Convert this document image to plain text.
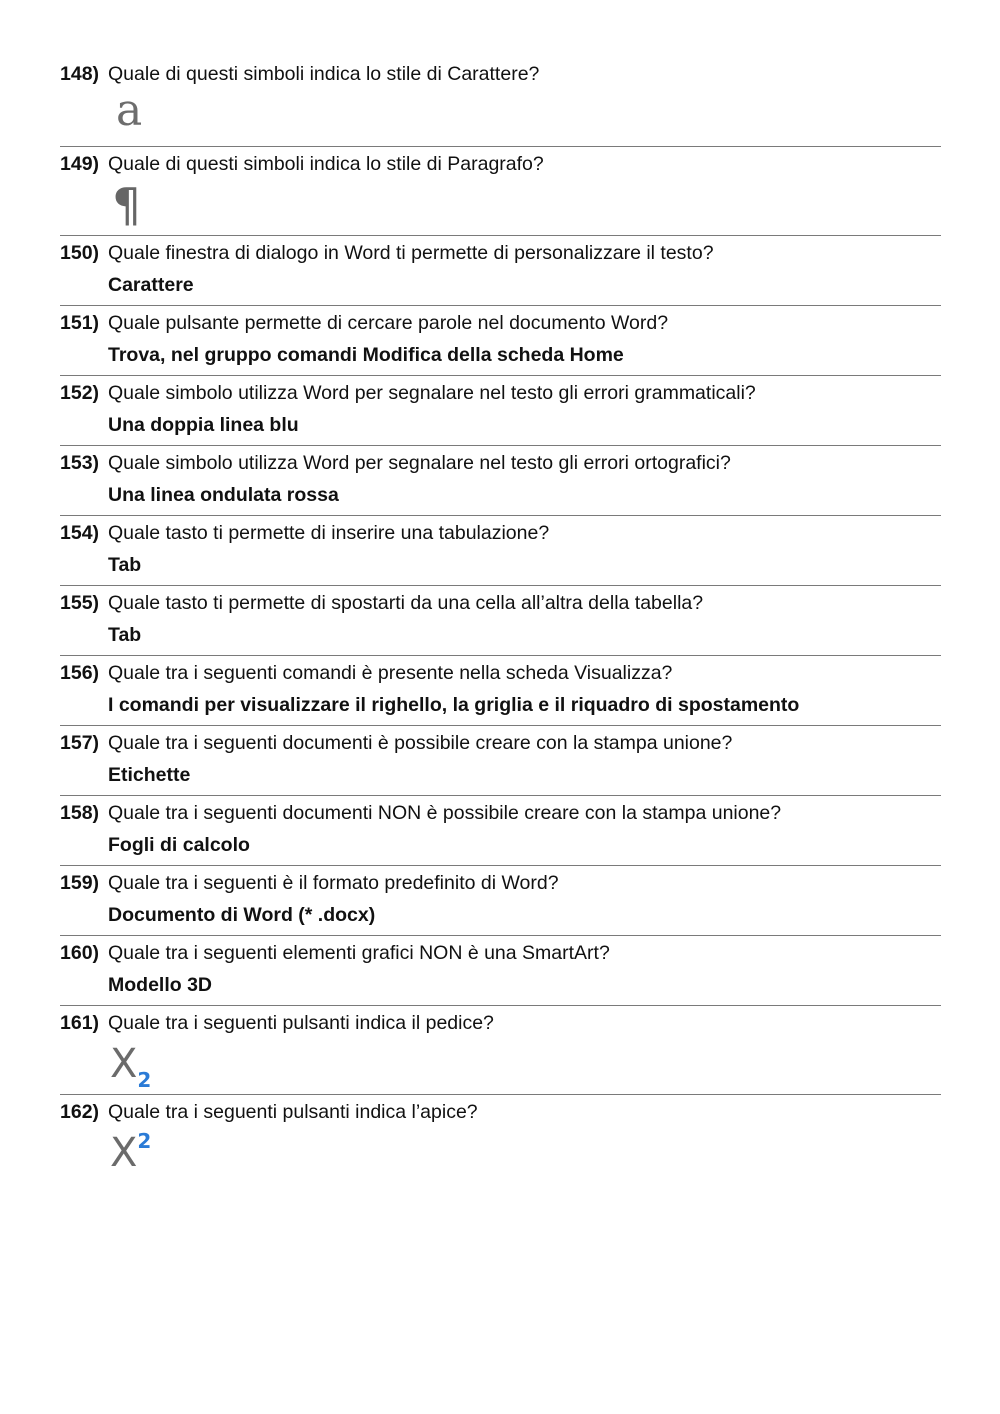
148) Quale di questi simboli indica lo stile di Carattere?
a
149) Quale di questi simboli indica lo stile di Paragrafo?
¶
150) Quale finestra di dialogo in Word ti permette di personalizzare il testo?
Carattere
151) Quale pulsante permette di cercare parole nel documento Word?
Trova, nel gruppo comandi Modifica della scheda Home
152) Quale simbolo utilizza Word per segnalare nel testo gli errori grammaticali?
Una doppia linea blu
153) Quale simbolo utilizza Word per segnalare nel testo gli errori ortografici?
Una linea ondulata rossa
154) Quale tasto ti permette di inserire una tabulazione?
Tab
155) Quale tasto ti permette di spostarti da una cella all’altra della tabella?
Tab
156) Quale tra i seguenti comandi è presente nella scheda Visualizza?
I comandi per visualizzare il righello, la griglia e il riquadro di spostamento
157) Quale tra i seguenti documenti è possibile creare con la stampa unione?
Etichette
158) Quale tra i seguenti documenti NON è possibile creare con la stampa unione?
Fogli di calcolo
159) Quale tra i seguenti è il formato predefinito di Word?
Documento di Word (* .docx)
160) Quale tra i seguenti elementi grafici NON è una SmartArt?
Modello 3D
161) Quale tra i seguenti pulsanti indica il pedice?
$X_2$
162) Quale tra i seguenti pulsanti indica l’apice?
$X^2$
